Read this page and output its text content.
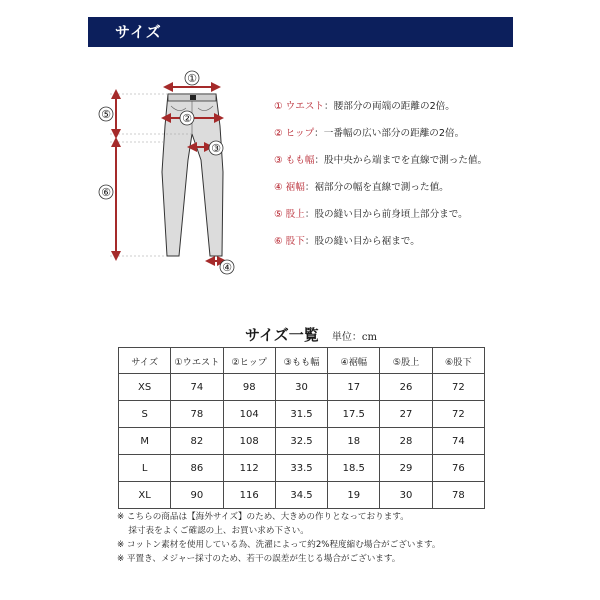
サイズ
①
②
③
④
⑤
⑥
① ウエスト：腰部分の両端の距離の2倍。
② ヒップ：一番幅の広い部分の距離の2倍。
③ もも幅：股中央から端までを直線で測った値。
④ 裾幅：裾部分の幅を直線で測った値。
⑤ 股上：股の縫い目から前身頃上部分まで。
⑥ 股下：股の縫い目から裾まで。
サイズ一覧 単位：cm
サイズ	①ウエスト	②ヒップ	③もも幅	④裾幅	⑤股上	⑥股下
XS	74	98	30	17	26	72
S	78	104	31.5	17.5	27	72
M	82	108	32.5	18	28	74
L	86	112	33.5	18.5	29	76
XL	90	116	34.5	19	30	78
※ こちらの商品は【海外サイズ】のため、大きめの作りとなっております。
　 採寸表をよくご確認の上、お買い求め下さい。
※ コットン素材を使用している為、洗濯によって約2%程度縮む場合がございます。
※ 平置き、メジャー採寸のため、若干の誤差が生じる場合がございます。
